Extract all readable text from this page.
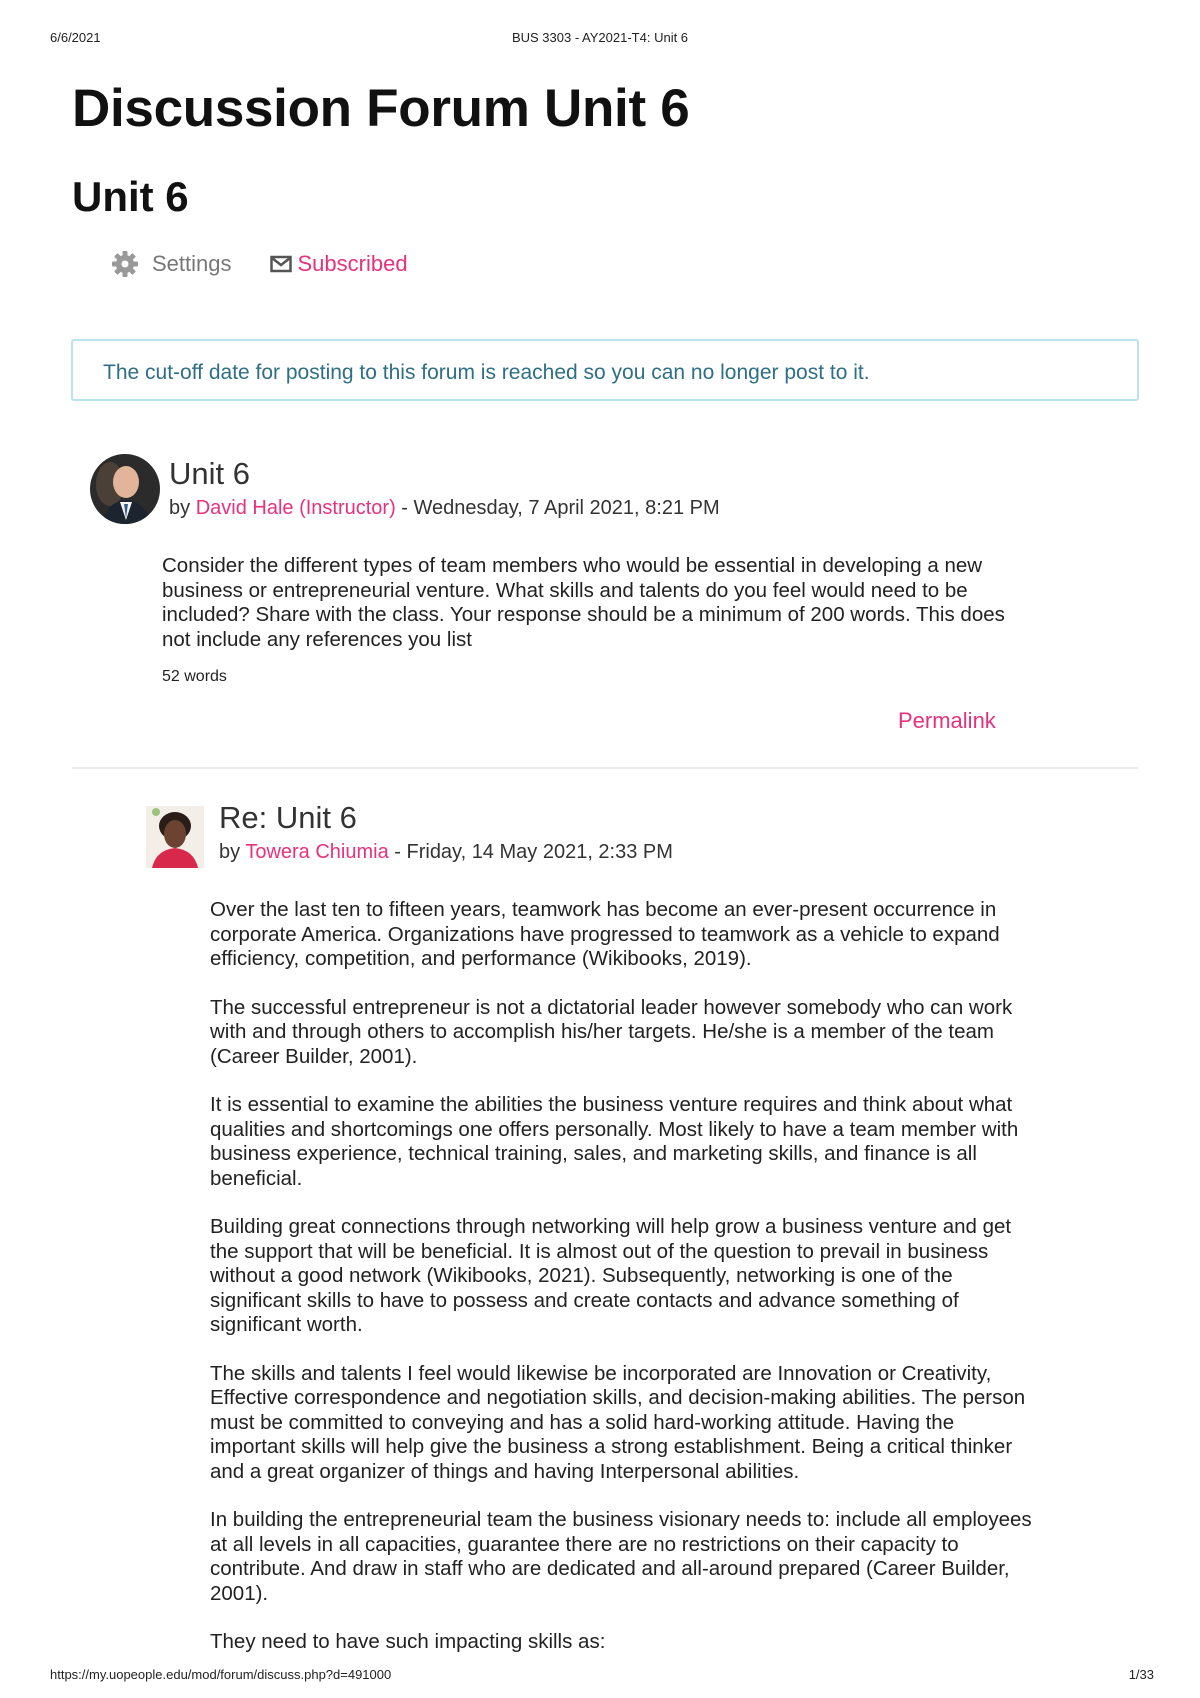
6/6/2021	BUS 3303 - AY2021-T4: Unit 6
Discussion Forum Unit 6
Unit 6
Settings	Subscribed
The cut-off date for posting to this forum is reached so you can no longer post to it.
Unit 6
by David Hale (Instructor) - Wednesday, 7 April 2021, 8:21 PM

Consider the different types of team members who would be essential in developing a new business or entrepreneurial venture. What skills and talents do you feel would need to be included? Share with the class. Your response should be a minimum of 200 words. This does not include any references you list

52 words
Permalink
Re: Unit 6
by Towera Chiumia - Friday, 14 May 2021, 2:33 PM

Over the last ten to fifteen years, teamwork has become an ever-present occurrence in corporate America. Organizations have progressed to teamwork as a vehicle to expand efficiency, competition, and performance (Wikibooks, 2019).

The successful entrepreneur is not a dictatorial leader however somebody who can work with and through others to accomplish his/her targets. He/she is a member of the team (Career Builder, 2001).

It is essential to examine the abilities the business venture requires and think about what qualities and shortcomings one offers personally. Most likely to have a team member with business experience, technical training, sales, and marketing skills, and finance is all beneficial.

Building great connections through networking will help grow a business venture and get the support that will be beneficial. It is almost out of the question to prevail in business without a good network (Wikibooks, 2021). Subsequently, networking is one of the significant skills to have to possess and create contacts and advance something of significant worth.

The skills and talents I feel would likewise be incorporated are Innovation or Creativity, Effective correspondence and negotiation skills, and decision-making abilities. The person must be committed to conveying and has a solid hard-working attitude. Having the important skills will help give the business a strong establishment. Being a critical thinker and a great organizer of things and having Interpersonal abilities.

In building the entrepreneurial team the business visionary needs to: include all employees at all levels in all capacities, guarantee there are no restrictions on their capacity to contribute. And draw in staff who are dedicated and all-around prepared (Career Builder, 2001).

They need to have such impacting skills as:

https://my.uopeople.edu/mod/forum/discuss.php?d=491000	1/33
